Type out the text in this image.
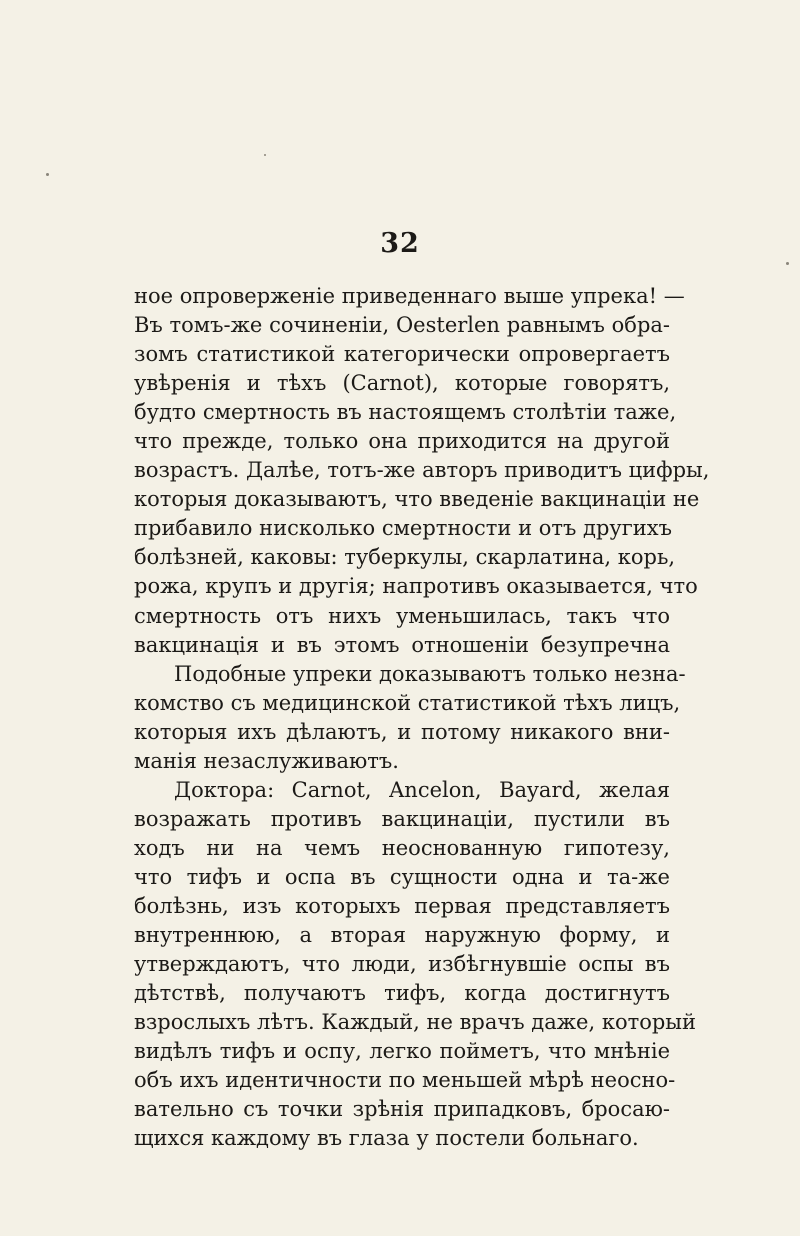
32
ное опроверженіе приведеннаго выше упрека! —
Въ томъ-же сочиненіи, Oesterlen равнымъ обра-
зомъ статистикой категорически опровергаетъ
увѣренія и тѣхъ (Carnot), которые говорятъ,
будто смертность въ настоящемъ столѣтіи таже,
что прежде, только она приходится на другой
возрастъ. Далѣе, тотъ-же авторъ приводитъ цифры,
которыя доказываютъ, что введеніе вакцинаціи не
прибавило нисколько смертности и отъ другихъ
болѣзней, каковы: туберкулы, скарлатина, корь,
рожа, крупъ и другія; напротивъ оказывается, что
смертность отъ нихъ уменьшилась, такъ что
вакцинація и въ этомъ отношеніи безупречна
Подобные упреки доказываютъ только незна-
комство съ медицинской статистикой тѣхъ лицъ,
которыя ихъ дѣлаютъ, и потому никакого вни-
манія незаслуживаютъ.
Доктора: Carnot, Ancelon, Bayard, желая
возражать противъ вакцинаціи, пустили въ
ходъ ни на чемъ неоснованную гипотезу,
что тифъ и оспа въ сущности одна и та-же
болѣзнь, изъ которыхъ первая представляетъ
внутреннюю, а вторая наружную форму, и
утверждаютъ, что люди, избѣгнувшіе оспы въ
дѣтствѣ, получаютъ тифъ, когда достигнутъ
взрослыхъ лѣтъ. Каждый, не врачъ даже, который
видѣлъ тифъ и оспу, легко пойметъ, что мнѣніе
объ ихъ идентичности по меньшей мѣрѣ неосно-
вательно съ точки зрѣнія припадковъ, бросаю-
щихся каждому въ глаза у постели больнаго.
